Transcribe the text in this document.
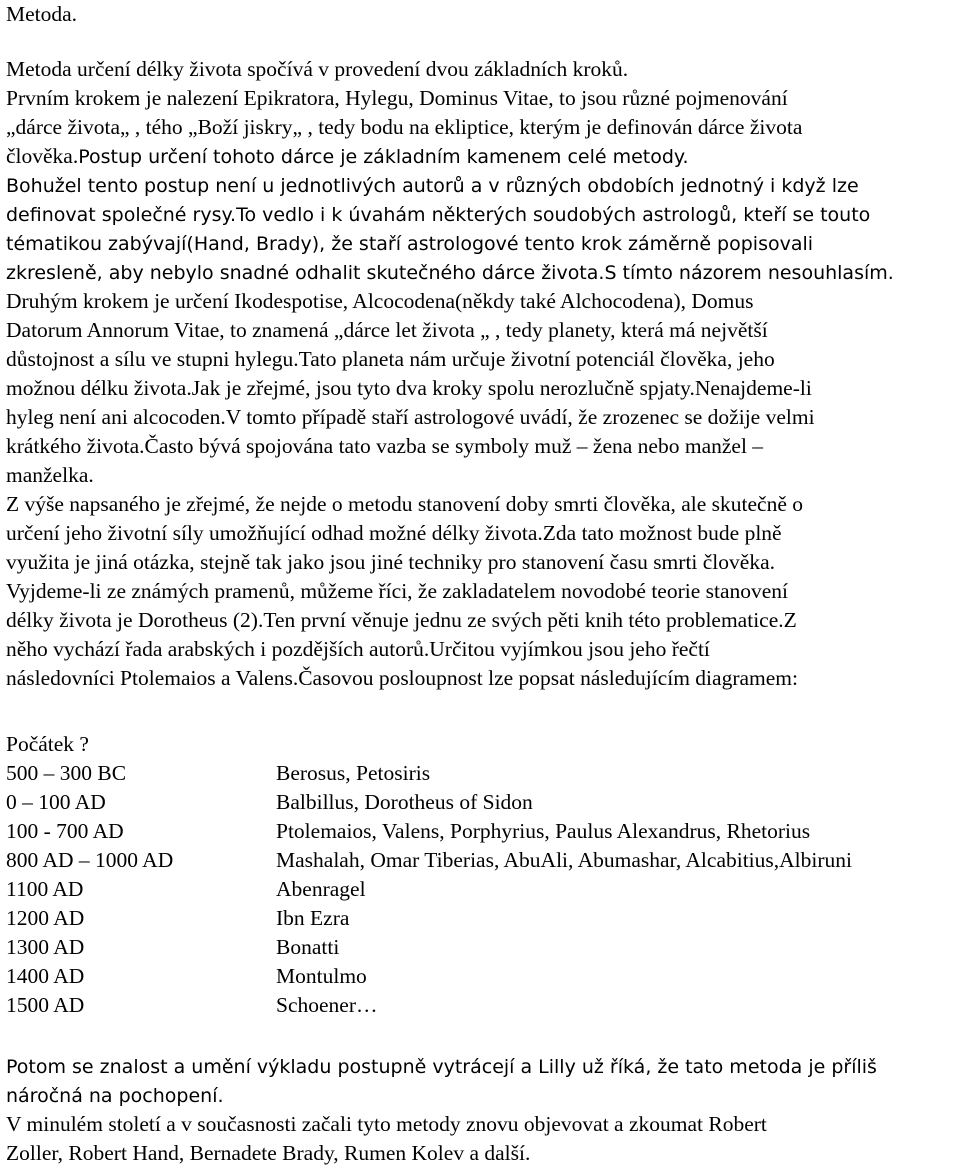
Metoda.
Metoda určení délky života spočívá v provedení dvou základních kroků.
Prvním krokem je nalezení Epikratora, Hylegu, Dominus Vitae, to jsou různé pojmenování
„dárce života„ , tého „Boží jiskry„ , tedy bodu na ekliptice, kterým je definován dárce života
člověka.Postup určení tohoto dárce je základním kamenem celé metody.
Bohužel tento postup není u jednotlivých autorů a v různých obdobích jednotný i když lze
definovat společné rysy.To vedlo i k úvahám některých soudobých astrologů, kteří se touto
tématikou zabývají(Hand, Brady), že staří astrologové tento krok záměrně popisovali
zkresleně, aby nebylo snadné odhalit skutečného dárce života.S tímto názorem nesouhlasím.
Druhým krokem je určení Ikodespotise, Alcocodena(někdy také Alchocodena), Domus
Datorum Annorum Vitae, to znamená „dárce let života „ , tedy planety, která má největší
důstojnost a sílu ve stupni hylegu.Tato planeta nám určuje životní potenciál člověka, jeho
možnou délku života.Jak je zřejmé, jsou tyto dva kroky spolu nerozlučně spjaty.Nenajdeme-li
hyleg není ani alcocoden.V tomto případě staří astrologové uvádí, že zrozenec se dožije velmi
krátkého života.Často bývá spojována tato vazba se symboly muž – žena nebo manžel –
manželka.
Z výše napsaného je zřejmé, že nejde o metodu stanovení doby smrti člověka, ale skutečně o
určení jeho životní síly umožňující odhad možné délky života.Zda tato možnost bude plně
využita je jiná otázka, stejně tak jako jsou jiné techniky pro stanovení času smrti člověka.
Vyjdeme-li ze známých pramenů, můžeme říci, že zakladatelem novodobé teorie stanovení
délky života je Dorotheus (2).Ten první věnuje jednu ze svých pěti knih této problematice.Z
něho vychází řada arabských i pozdějších autorů.Určitou vyjímkou jsou jeho řečtí
následovníci Ptolemaios a Valens.Časovou posloupnost lze popsat následujícím diagramem:
Počátek ?
500 – 300 BC	Berosus, Petosiris
0 – 100 AD	Balbillus, Dorotheus of Sidon
100 - 700 AD	Ptolemaios, Valens, Porphyrius, Paulus Alexandrus, Rhetorius
800 AD – 1000 AD	Mashalah, Omar Tiberias, AbuAli, Abumashar, Alcabitius,Albiruni
1100 AD	Abenragel
1200 AD	Ibn Ezra
1300 AD	Bonatti
1400 AD	Montulmo
1500 AD	Schoener…
Potom se znalost a umění výkladu postupně vytrácejí a Lilly už říká, že tato metoda je příliš
náročná na pochopení.
V minulém století a v současnosti začali tyto metody znovu objevovat a zkoumat Robert
Zoller, Robert Hand, Bernadete Brady, Rumen Kolev a další.
